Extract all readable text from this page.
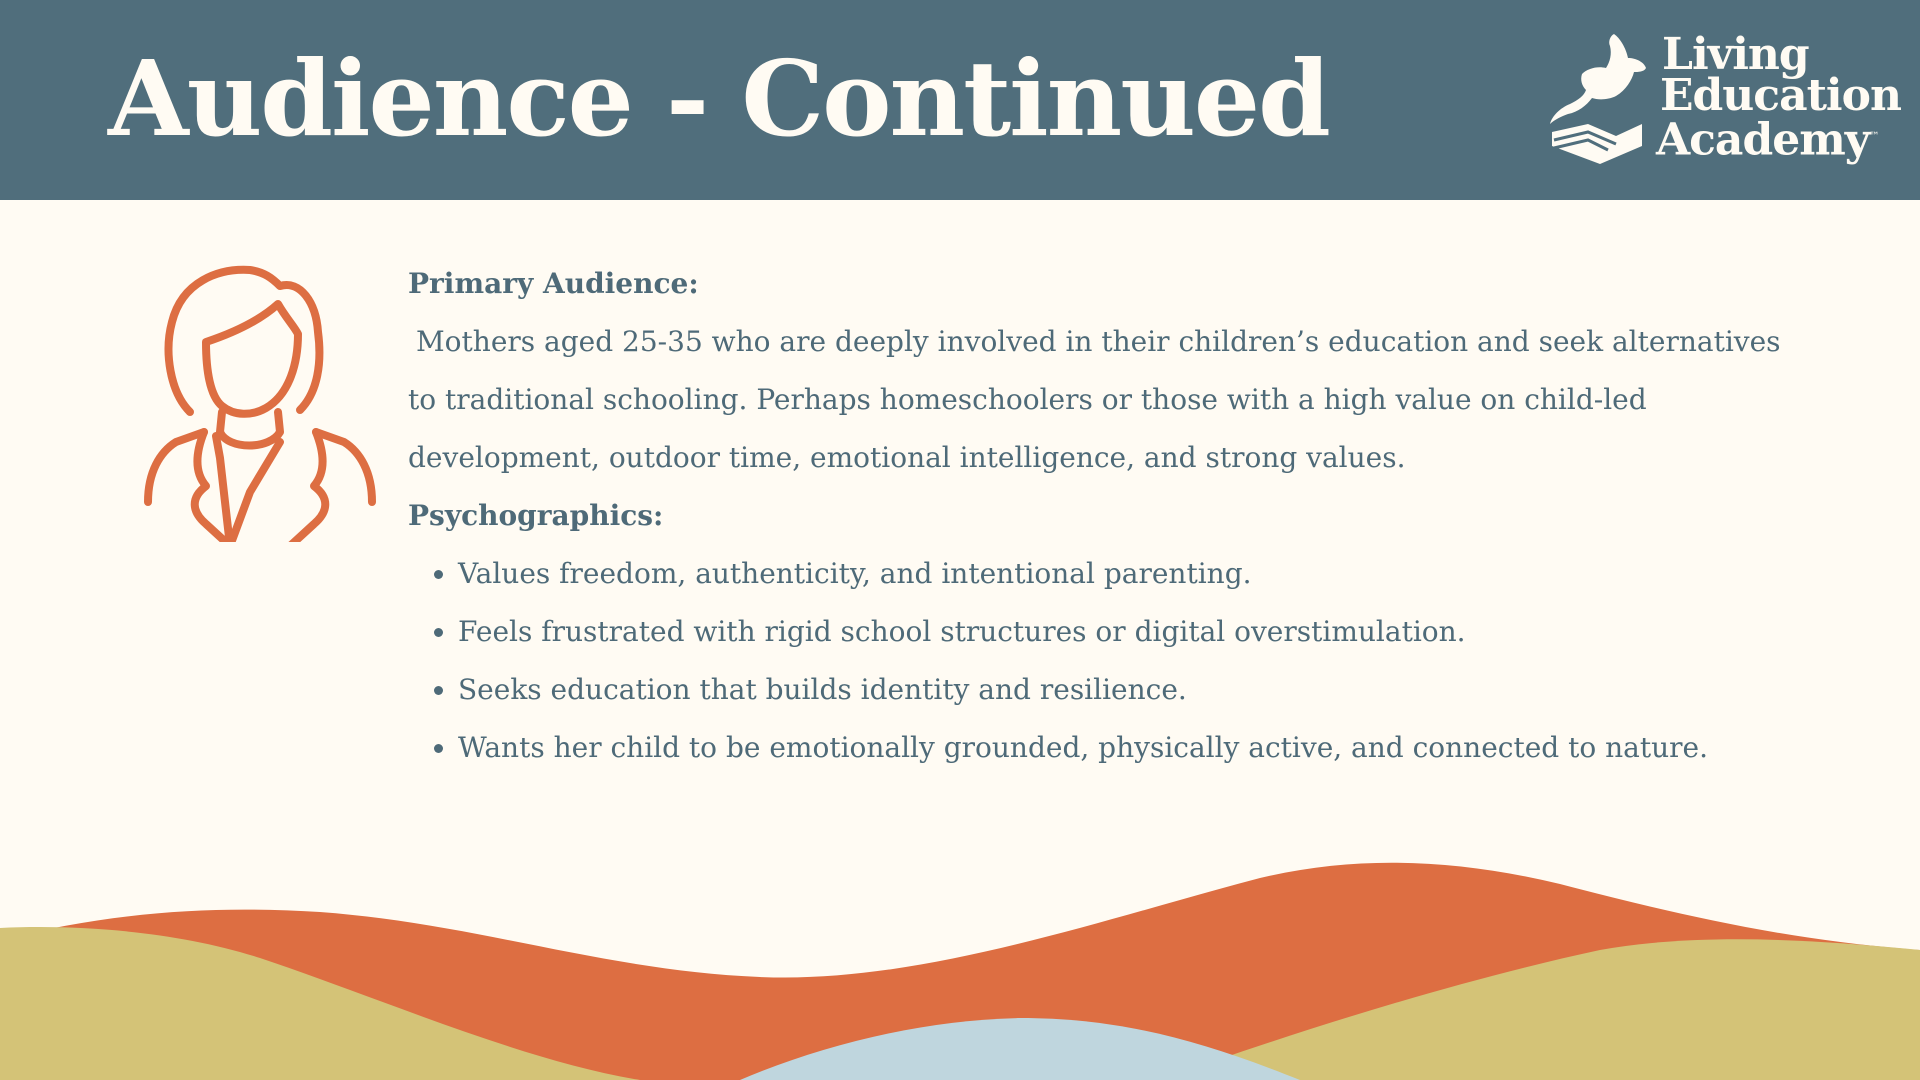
Audience - Continued	Living
Education
Academy™

Primary Audience:

Mothers aged 25-35 who are deeply involved in their children’s education and seek alternatives to traditional schooling. Perhaps homeschoolers or those with a high value on child-led development, outdoor time, emotional intelligence, and strong values.

Psychographics:

• Values freedom, authenticity, and intentional parenting.
• Feels frustrated with rigid school structures or digital overstimulation.
• Seeks education that builds identity and resilience.
• Wants her child to be emotionally grounded, physically active, and connected to nature.
